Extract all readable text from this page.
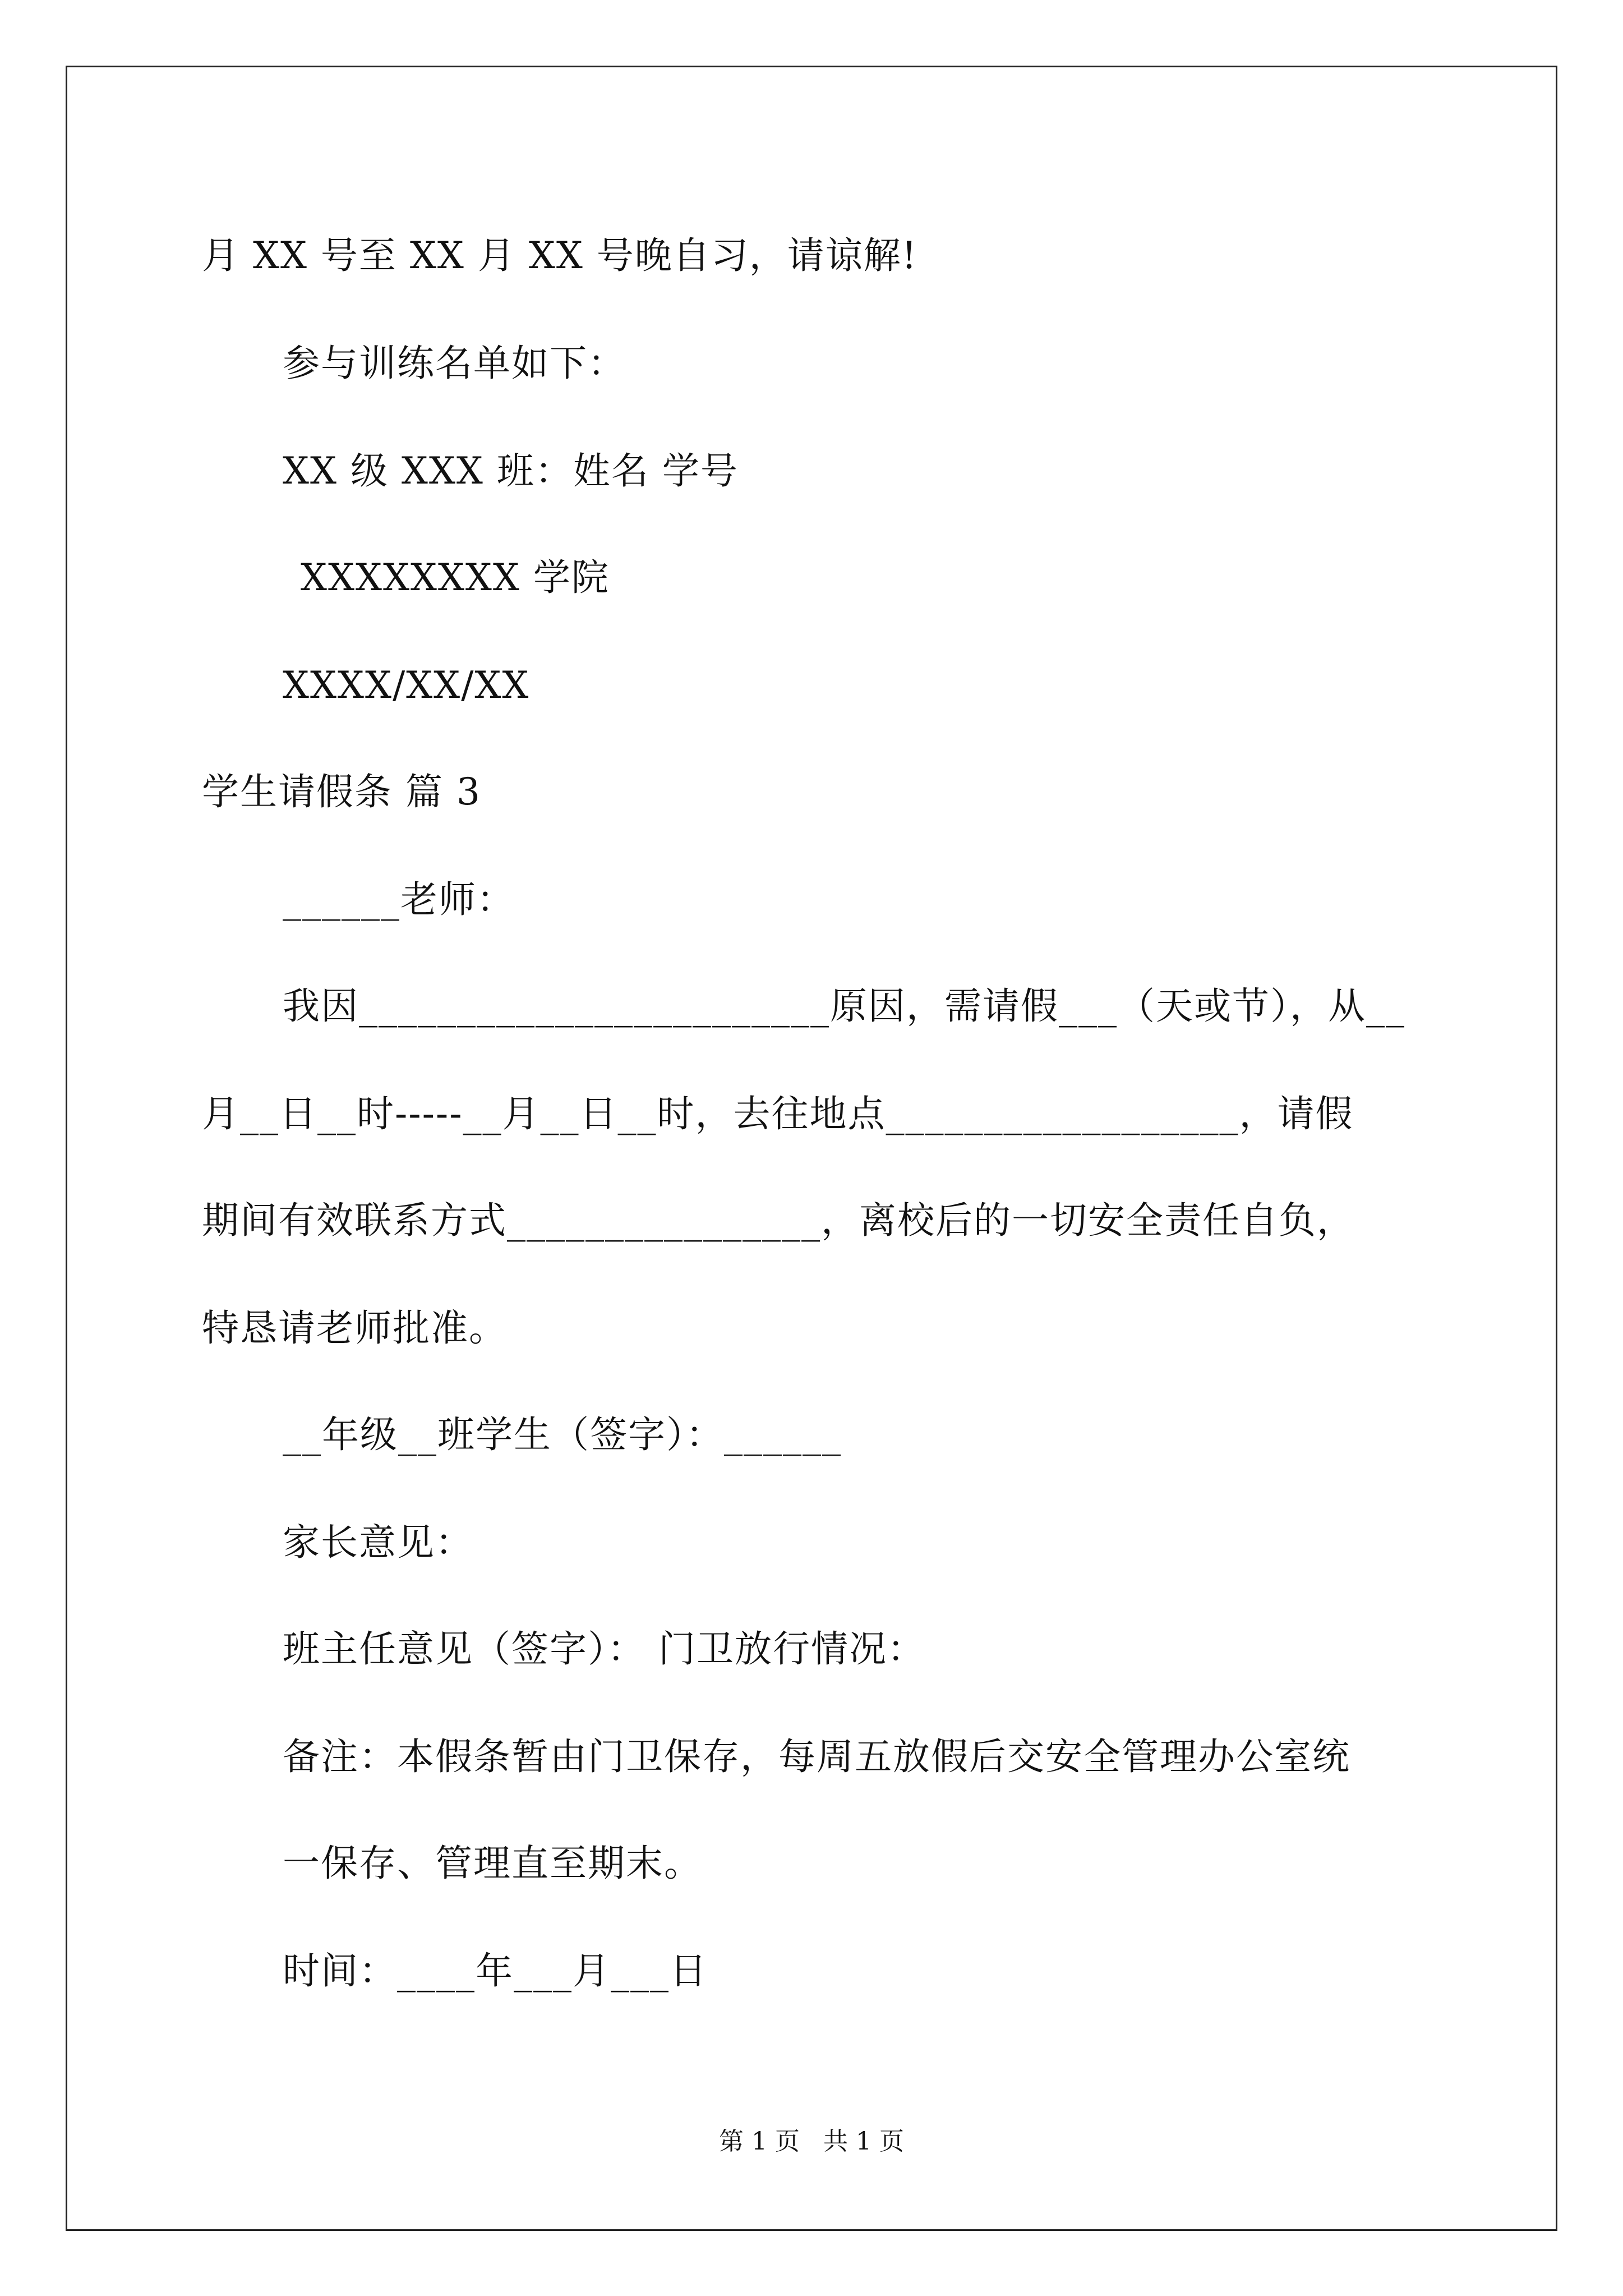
月 XX 号至 XX 月 XX 号晚自习，请谅解!
参与训练名单如下：
XX 级 XXX 班：姓名 学号
XXXXXXXX 学院
XXXX/XX/XX
学生请假条 篇 3
______老师：
我因________________________原因，需请假___（天或节），从__
月__日__时-----__月__日__时，去往地点__________________，请假
期间有效联系方式________________，离校后的一切安全责任自负，
特恳请老师批准。
__年级__班学生（签字）：______
家长意见：
班主任意见（签字）： 门卫放行情况：
备注：本假条暂由门卫保存，每周五放假后交安全管理办公室统
一保存、管理直至期末。
时间：____年___月___日
第 1 页   共 1 页
